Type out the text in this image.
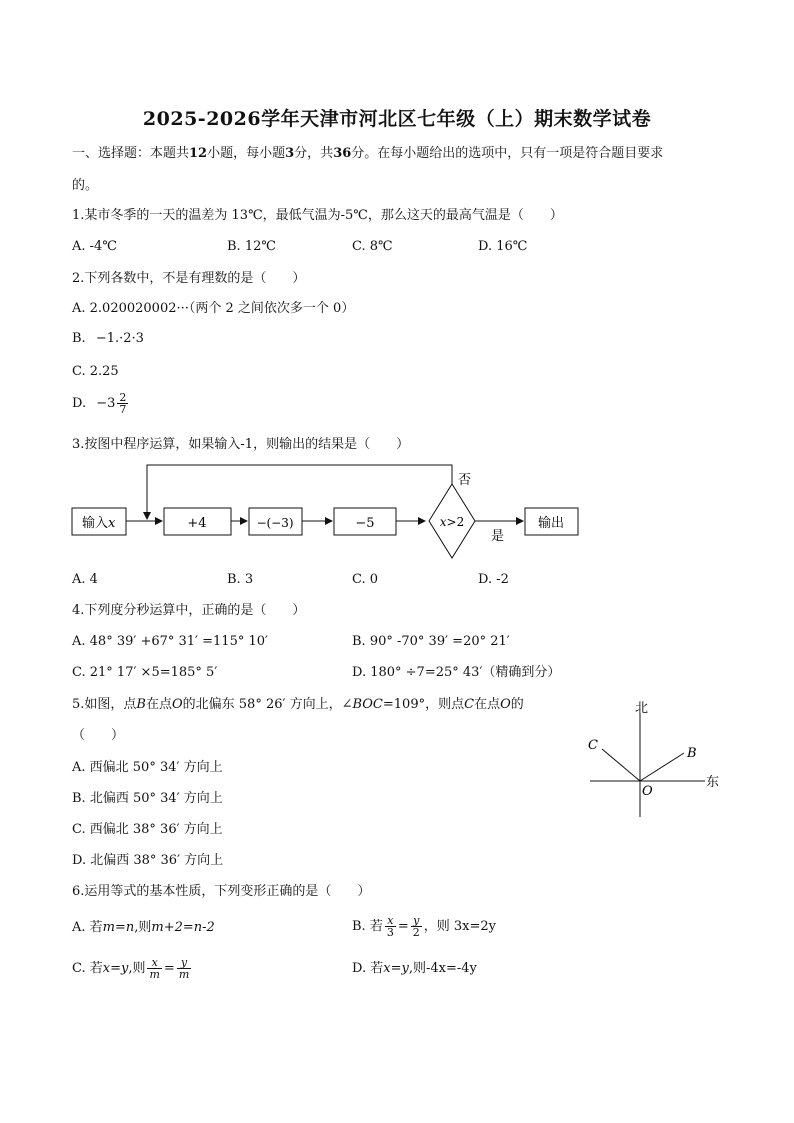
2025-2026学年天津市河北区七年级（上）期末数学试卷
一、选择题：本题共12小题，每小题3分，共36分。在每小题给出的选项中，只有一项是符合题目要求
的。
1.某市冬季的一天的温差为 13℃，最低气温为-5℃，那么这天的最高气温是（　　）
A. -4℃	B. 12℃	C. 8℃	D. 16℃
2.下列各数中，不是有理数的是（　　）
A. 2.020020002···（两个 2 之间依次多一个 0）
B. −1.·2·3
C. 2.25
D. $-3 \frac{2}{7}$
3.按图中程序运算，如果输入-1，则输出的结果是（　　）
输入x	+4	−(−3)	−5	x>2
是
输出
否
A. 4	B. 3	C. 0	D. -2
4.下列度分秒运算中，正确的是（　　）
A. 48° 39′ +67° 31′ =115° 10′	B. 90° -70° 39′ =20° 21′
C. 21° 17′ ×5=185° 5′	D. 180° ÷7=25° 43′（精确到分）
5.如图，点B在点O的北偏东 58° 26′ 方向上，∠BOC=109°，则点C在点O的
（　　）
A. 西偏北 50° 34′ 方向上
B. 北偏西 50° 34′ 方向上
C. 西偏北 38° 36′ 方向上
D. 北偏西 38° 36′ 方向上
北
东
B
C
O
6.运用等式的基本性质，下列变形正确的是（　　）
A. 若m=n,则m+2=n-2	B. 若 $\frac{x}{3} = \frac{y}{2}$ ，则 3x=2y
C. 若x=y,则 $\frac{x}{m} = \frac{y}{m}$	D. 若x=y,则-4x=-4y
